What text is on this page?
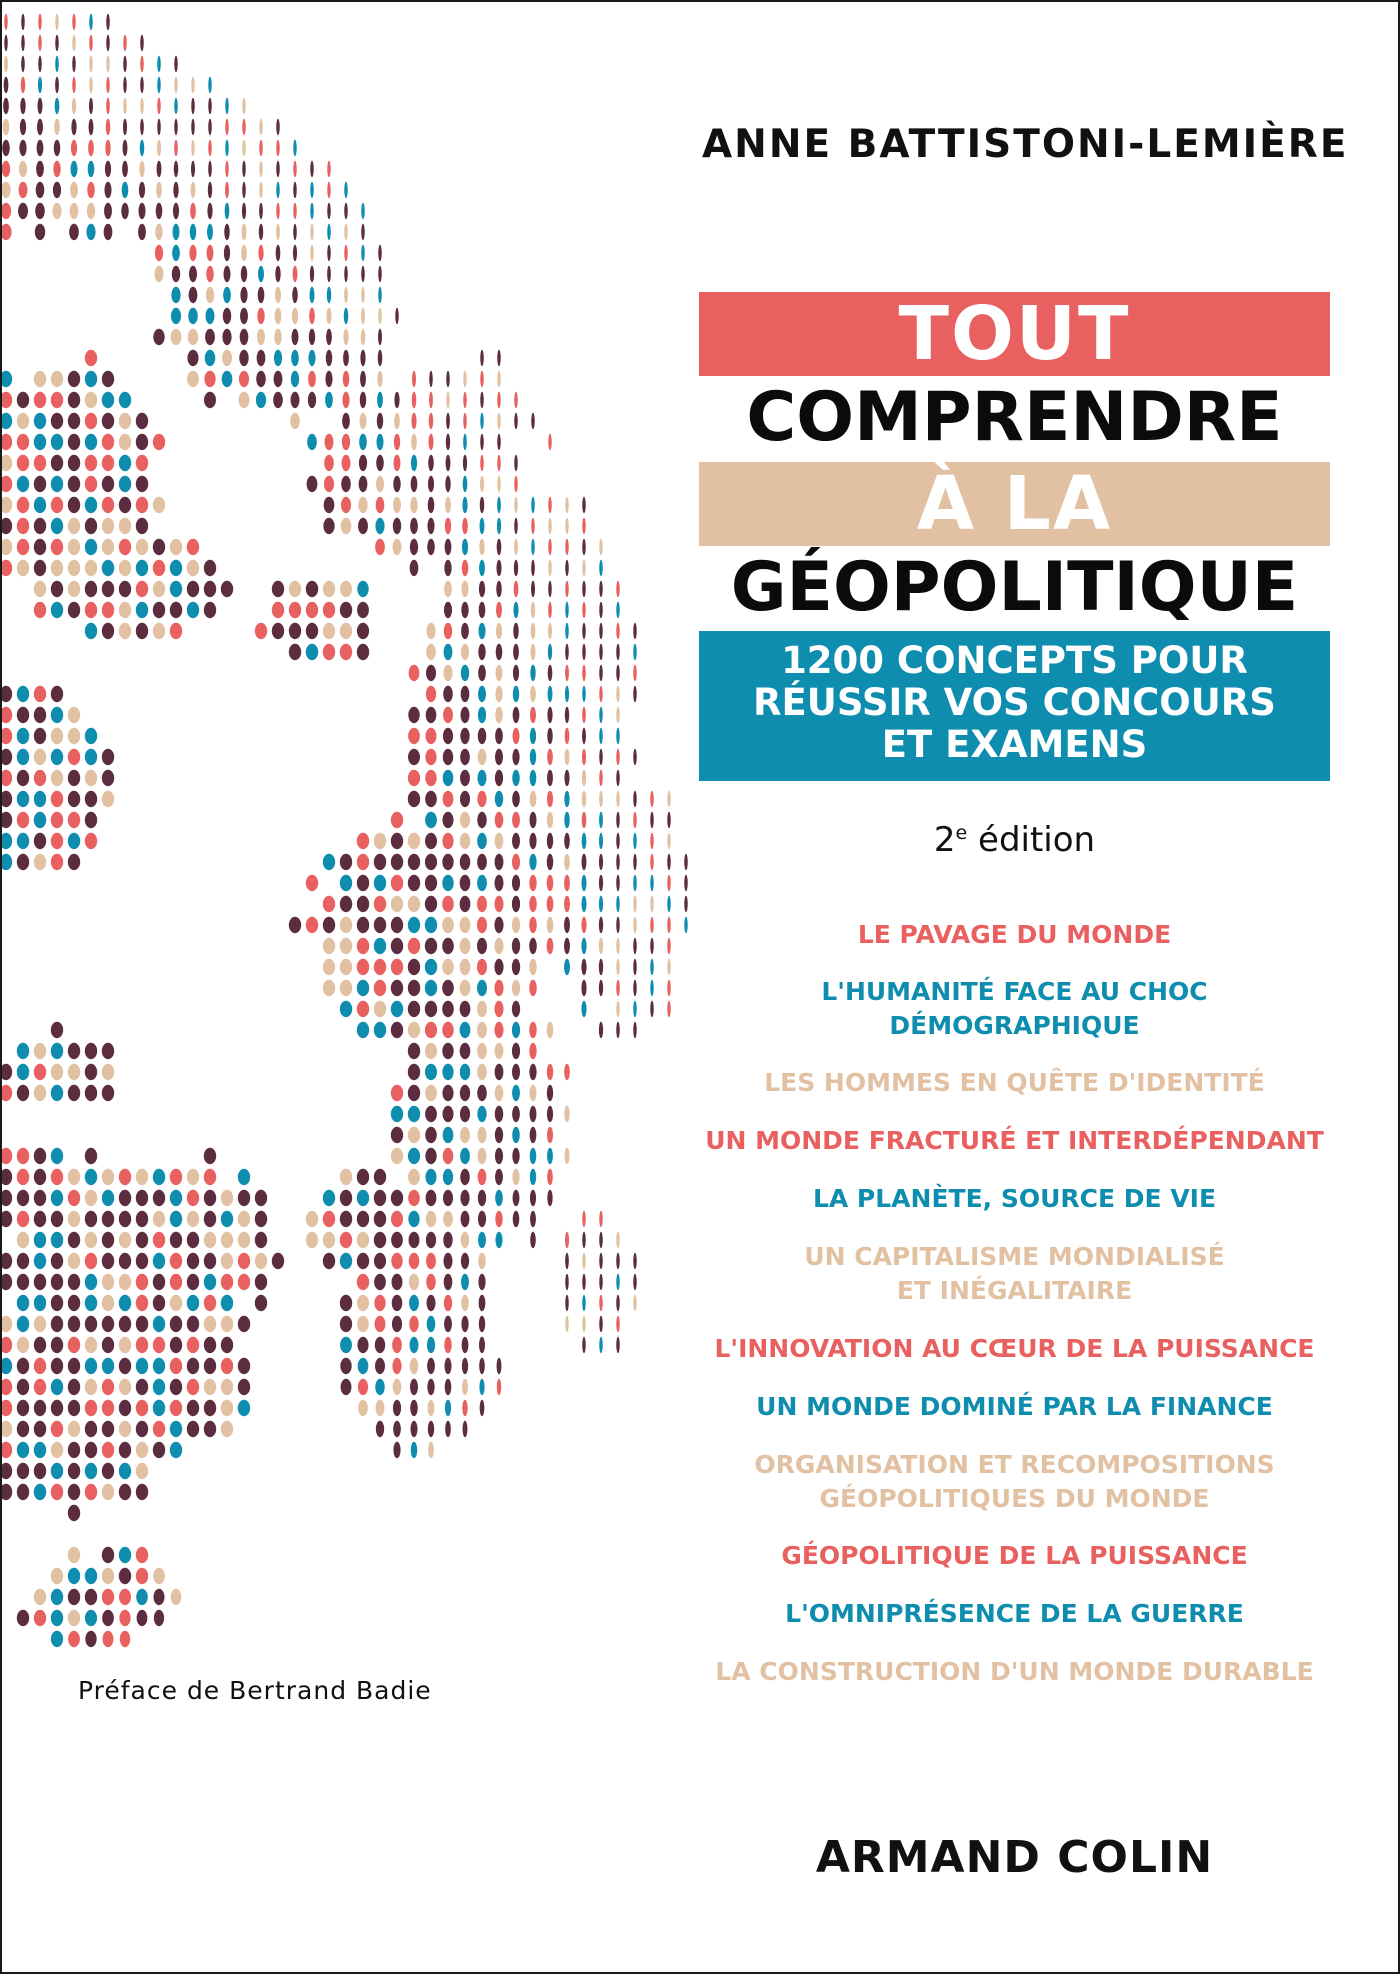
ANNE BATTISTONI-LEMIÈRE
TOUT
COMPRENDRE
À LA
GÉOPOLITIQUE
1200 CONCEPTS POUR
RÉUSSIR VOS CONCOURS
ET EXAMENS
2e édition
LE PAVAGE DU MONDE
L'HUMANITÉ FACE AU CHOC
DÉMOGRAPHIQUE
LES HOMMES EN QUÊTE D'IDENTITÉ
UN MONDE FRACTURÉ ET INTERDÉPENDANT
LA PLANÈTE, SOURCE DE VIE
UN CAPITALISME MONDIALISÉ
ET INÉGALITAIRE
L'INNOVATION AU CŒUR DE LA PUISSANCE
UN MONDE DOMINÉ PAR LA FINANCE
ORGANISATION ET RECOMPOSITIONS
GÉOPOLITIQUES DU MONDE
GÉOPOLITIQUE DE LA PUISSANCE
L'OMNIPRÉSENCE DE LA GUERRE
LA CONSTRUCTION D'UN MONDE DURABLE
Préface de Bertrand Badie
ARMAND COLIN
